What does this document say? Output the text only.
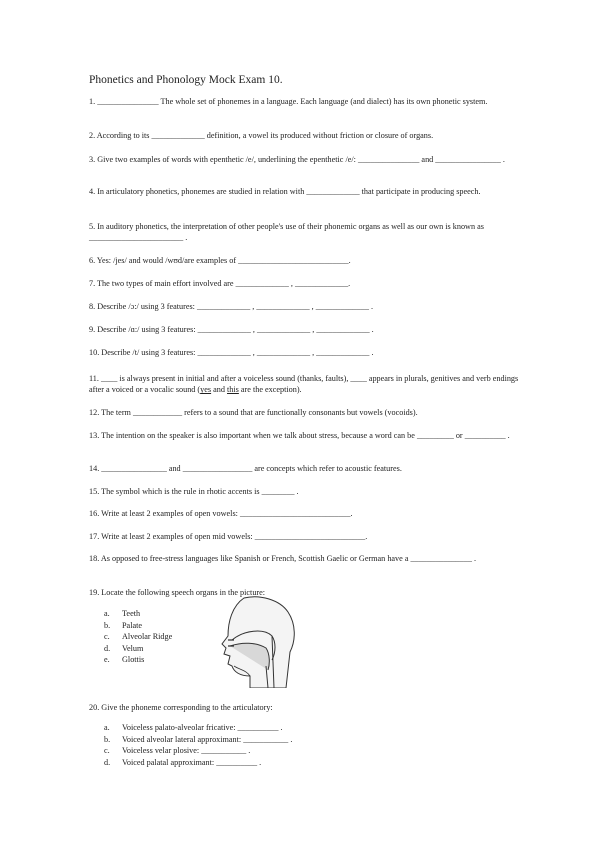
Phonetics and Phonology Mock Exam 10.
1. _______________ The whole set of phonemes in a language. Each language (and dialect) has its own phonetic system.
2. According to its _____________ definition, a vowel its produced without friction or closure of organs.
3. Give two examples of words with epenthetic /e/, underlining the epenthetic /e/: _______________ and ________________ .
4. In articulatory phonetics, phonemes are studied in relation with _____________ that participate in producing speech.
5. In auditory phonetics, the interpretation of other people's use of their phonemic organs as well as our own is known as _______________________ .
6. Yes: /jes/ and would /wʊd/are examples of ___________________________.
7. The two types of main effort involved are _____________ , _____________.
8. Describe /ɔ:/ using 3 features: _____________ , _____________ , _____________ .
9. Describe /ɑ:/ using 3 features: _____________ , _____________ , _____________ .
10. Describe /t/ using 3 features: _____________ , _____________ , _____________ .
11. ____ is always present in initial and after a voiceless sound (thanks, faults), ____ appears in plurals, genitives and verb endings after a voiced or a vocalic sound (yes and this are the exception).
12. The term ____________ refers to a sound that are functionally consonants but vowels (vocoids).
13. The intention on the speaker is also important when we talk about stress, because a word can be _________ or __________ .
14. ________________ and _________________ are concepts which refer to acoustic features.
15. The symbol which is the rule in rhotic accents is ________ .
16. Write at least 2 examples of open vowels: ___________________________.
17. Write at least 2 examples of open mid vowels: ___________________________.
18. As opposed to free-stress languages like Spanish or French, Scottish Gaelic or German have a _______________ .
19. Locate the following speech organs in the picture:
a.	Teeth
b.	Palate
c.	Alveolar Ridge
d.	Velum
e.	Glottis
20. Give the phoneme corresponding to the articulatory:
a.	Voiceless palato-alveolar fricative: __________ .
b.	Voiced alveolar lateral approximant: ___________ .
c.	Voiceless velar plosive: ___________ .
d.	Voiced palatal approximant: __________ .
